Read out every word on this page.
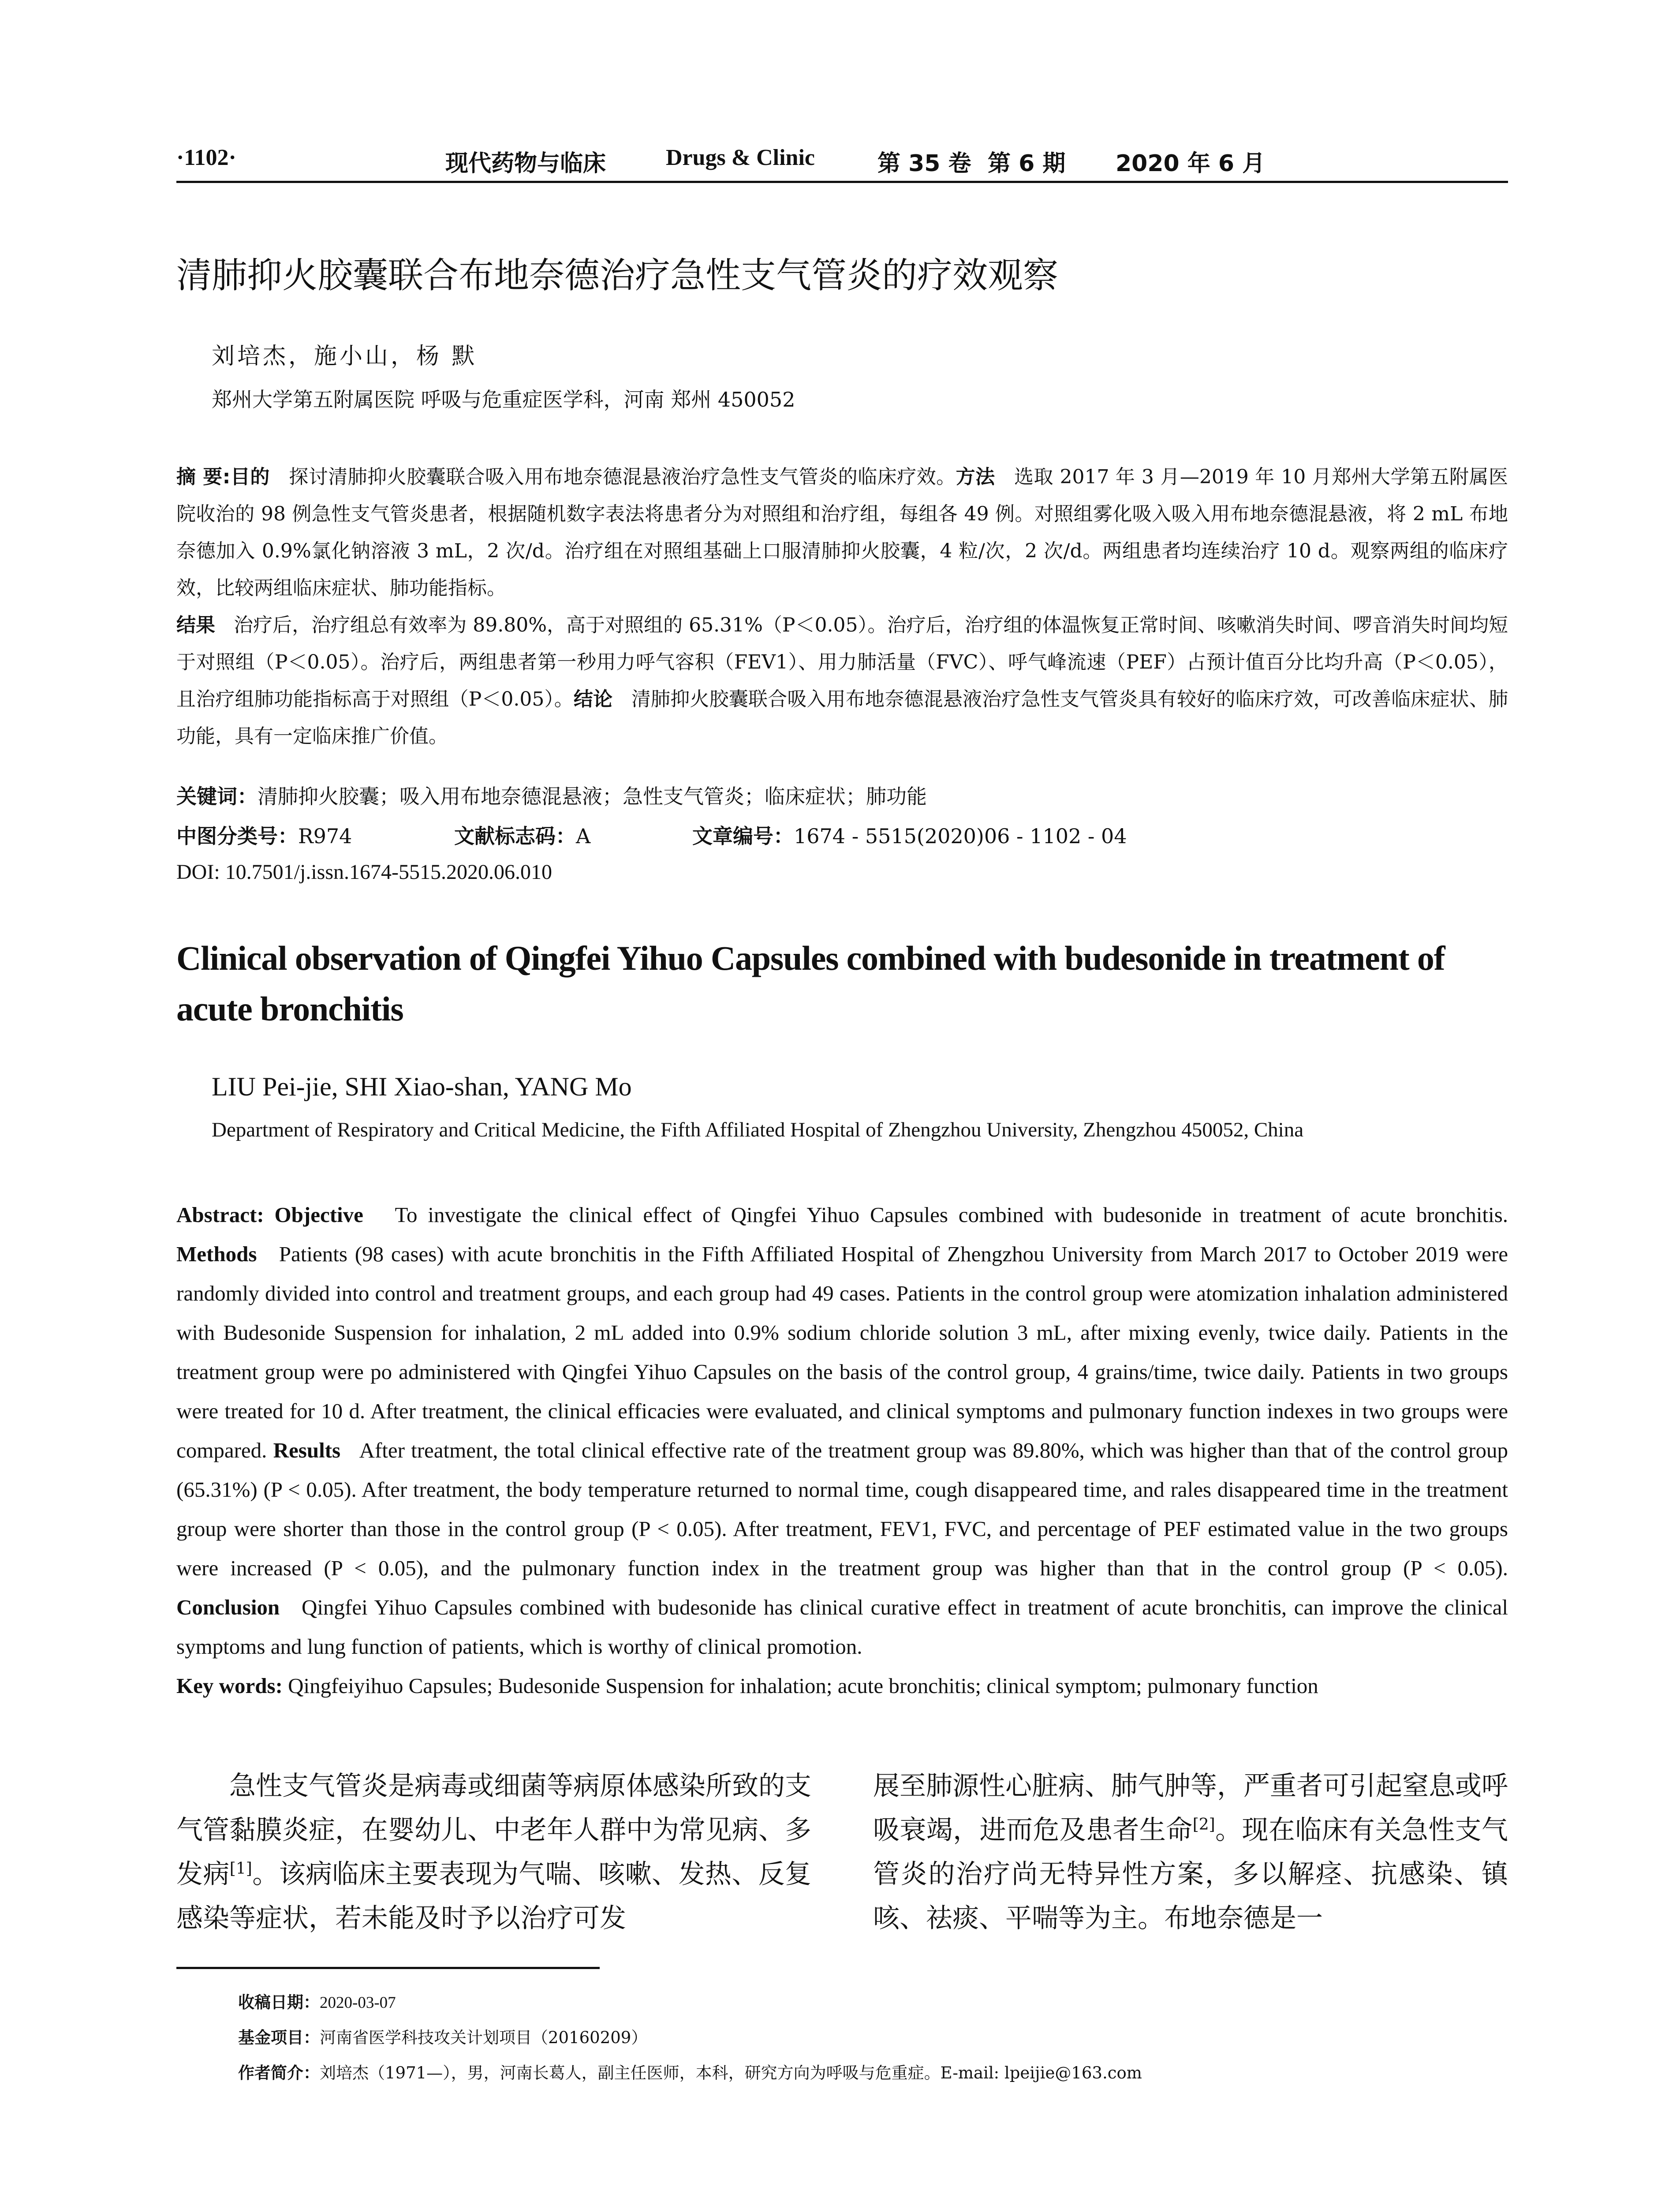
·1102·	现代药物与临床	Drugs & Clinic	第 35 卷 第 6 期 2020 年 6 月
清肺抑火胶囊联合布地奈德治疗急性支气管炎的疗效观察
刘培杰，施小山，杨 默
郑州大学第五附属医院 呼吸与危重症医学科，河南 郑州 450052
摘 要:目的 探讨清肺抑火胶囊联合吸入用布地奈德混悬液治疗急性支气管炎的临床疗效。方法 选取 2017 年 3 月—2019 年 10 月郑州大学第五附属医院收治的 98 例急性支气管炎患者，根据随机数字表法将患者分为对照组和治疗组，每组各 49 例。对照组雾化吸入吸入用布地奈德混悬液，将 2 mL 布地奈德加入 0.9%氯化钠溶液 3 mL，2 次/d。治疗组在对照组基础上口服清肺抑火胶囊，4 粒/次，2 次/d。两组患者均连续治疗 10 d。观察两组的临床疗效，比较两组临床症状、肺功能指标。
结果 治疗后，治疗组总有效率为 89.80%，高于对照组的 65.31%（P＜0.05）。治疗后，治疗组的体温恢复正常时间、咳嗽消失时间、啰音消失时间均短于对照组（P＜0.05）。治疗后，两组患者第一秒用力呼气容积（FEV1）、用力肺活量（FVC）、呼气峰流速（PEF）占预计值百分比均升高（P＜0.05），且治疗组肺功能指标高于对照组（P＜0.05）。结论 清肺抑火胶囊联合吸入用布地奈德混悬液治疗急性支气管炎具有较好的临床疗效，可改善临床症状、肺功能，具有一定临床推广价值。
关键词：清肺抑火胶囊；吸入用布地奈德混悬液；急性支气管炎；临床症状；肺功能
中图分类号：R974	文献标志码：A	文章编号：1674 - 5515(2020)06 - 1102 - 04
DOI: 10.7501/j.issn.1674-5515.2020.06.010
Clinical observation of Qingfei Yihuo Capsules combined with budesonide in treatment of acute bronchitis
LIU Pei-jie, SHI Xiao-shan, YANG Mo
Department of Respiratory and Critical Medicine, the Fifth Affiliated Hospital of Zhengzhou University, Zhengzhou 450052, China
Abstract: Objective To investigate the clinical effect of Qingfei Yihuo Capsules combined with budesonide in treatment of acute bronchitis. Methods Patients (98 cases) with acute bronchitis in the Fifth Affiliated Hospital of Zhengzhou University from March 2017 to October 2019 were randomly divided into control and treatment groups, and each group had 49 cases. Patients in the control group were atomization inhalation administered with Budesonide Suspension for inhalation, 2 mL added into 0.9% sodium chloride solution 3 mL, after mixing evenly, twice daily. Patients in the treatment group were po administered with Qingfei Yihuo Capsules on the basis of the control group, 4 grains/time, twice daily. Patients in two groups were treated for 10 d. After treatment, the clinical efficacies were evaluated, and clinical symptoms and pulmonary function indexes in two groups were compared. Results After treatment, the total clinical effective rate of the treatment group was 89.80%, which was higher than that of the control group (65.31%) (P < 0.05). After treatment, the body temperature returned to normal time, cough disappeared time, and rales disappeared time in the treatment group were shorter than those in the control group (P < 0.05). After treatment, FEV1, FVC, and percentage of PEF estimated value in the two groups were increased (P < 0.05), and the pulmonary function index in the treatment group was higher than that in the control group (P < 0.05). Conclusion Qingfei Yihuo Capsules combined with budesonide has clinical curative effect in treatment of acute bronchitis, can improve the clinical symptoms and lung function of patients, which is worthy of clinical promotion.
Key words: Qingfeiyihuo Capsules; Budesonide Suspension for inhalation; acute bronchitis; clinical symptom; pulmonary function

急性支气管炎是病毒或细菌等病原体感染所致的支气管黏膜炎症，在婴幼儿、中老年人群中为常见病、多发病[1]。该病临床主要表现为气喘、咳嗽、发热、反复感染等症状，若未能及时予以治疗可发

展至肺源性心脏病、肺气肿等，严重者可引起窒息或呼吸衰竭，进而危及患者生命[2]。现在临床有关急性支气管炎的治疗尚无特异性方案，多以解痉、抗感染、镇咳、祛痰、平喘等为主。布地奈德是一

收稿日期：2020-03-07
基金项目：河南省医学科技攻关计划项目（20160209）
作者简介：刘培杰（1971—），男，河南长葛人，副主任医师，本科，研究方向为呼吸与危重症。E-mail: lpeijie@163.com
